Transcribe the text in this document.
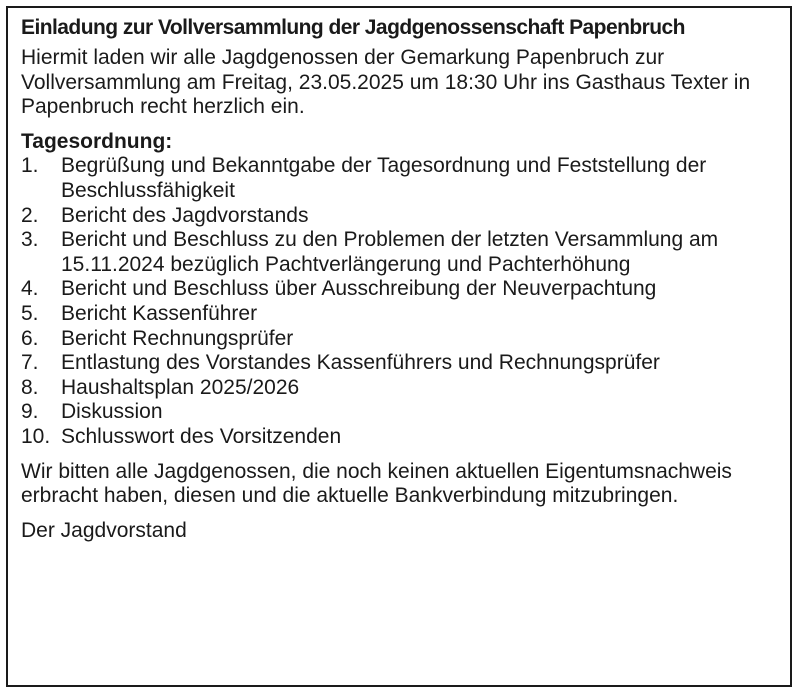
Einladung zur Vollversammlung der Jagdgenossenschaft Papenbruch

Hiermit laden wir alle Jagdgenossen der Gemarkung Papenbruch zur Vollversammlung am Freitag, 23.05.2025 um 18:30 Uhr ins Gasthaus Texter in Papenbruch recht herzlich ein.

Tagesordnung:

1.	Begrüßung und Bekanntgabe der Tagesordnung und Feststellung der Beschlussfähigkeit
2.	Bericht des Jagdvorstands
3.	Bericht und Beschluss zu den Problemen der letzten Versammlung am 15.11.2024 bezüglich Pachtverlängerung und Pachterhöhung
4.	Bericht und Beschluss über Ausschreibung der Neuverpachtung
5.	Bericht Kassenführer
6.	Bericht Rechnungsprüfer
7.	Entlastung des Vorstandes Kassenführers und Rechnungsprüfer
8.	Haushaltsplan 2025/2026
9.	Diskussion
10. Schlusswort des Vorsitzenden

Wir bitten alle Jagdgenossen, die noch keinen aktuellen Eigentumsnachweis erbracht haben, diesen und die aktuelle Bankverbindung mitzubringen.

Der Jagdvorstand
